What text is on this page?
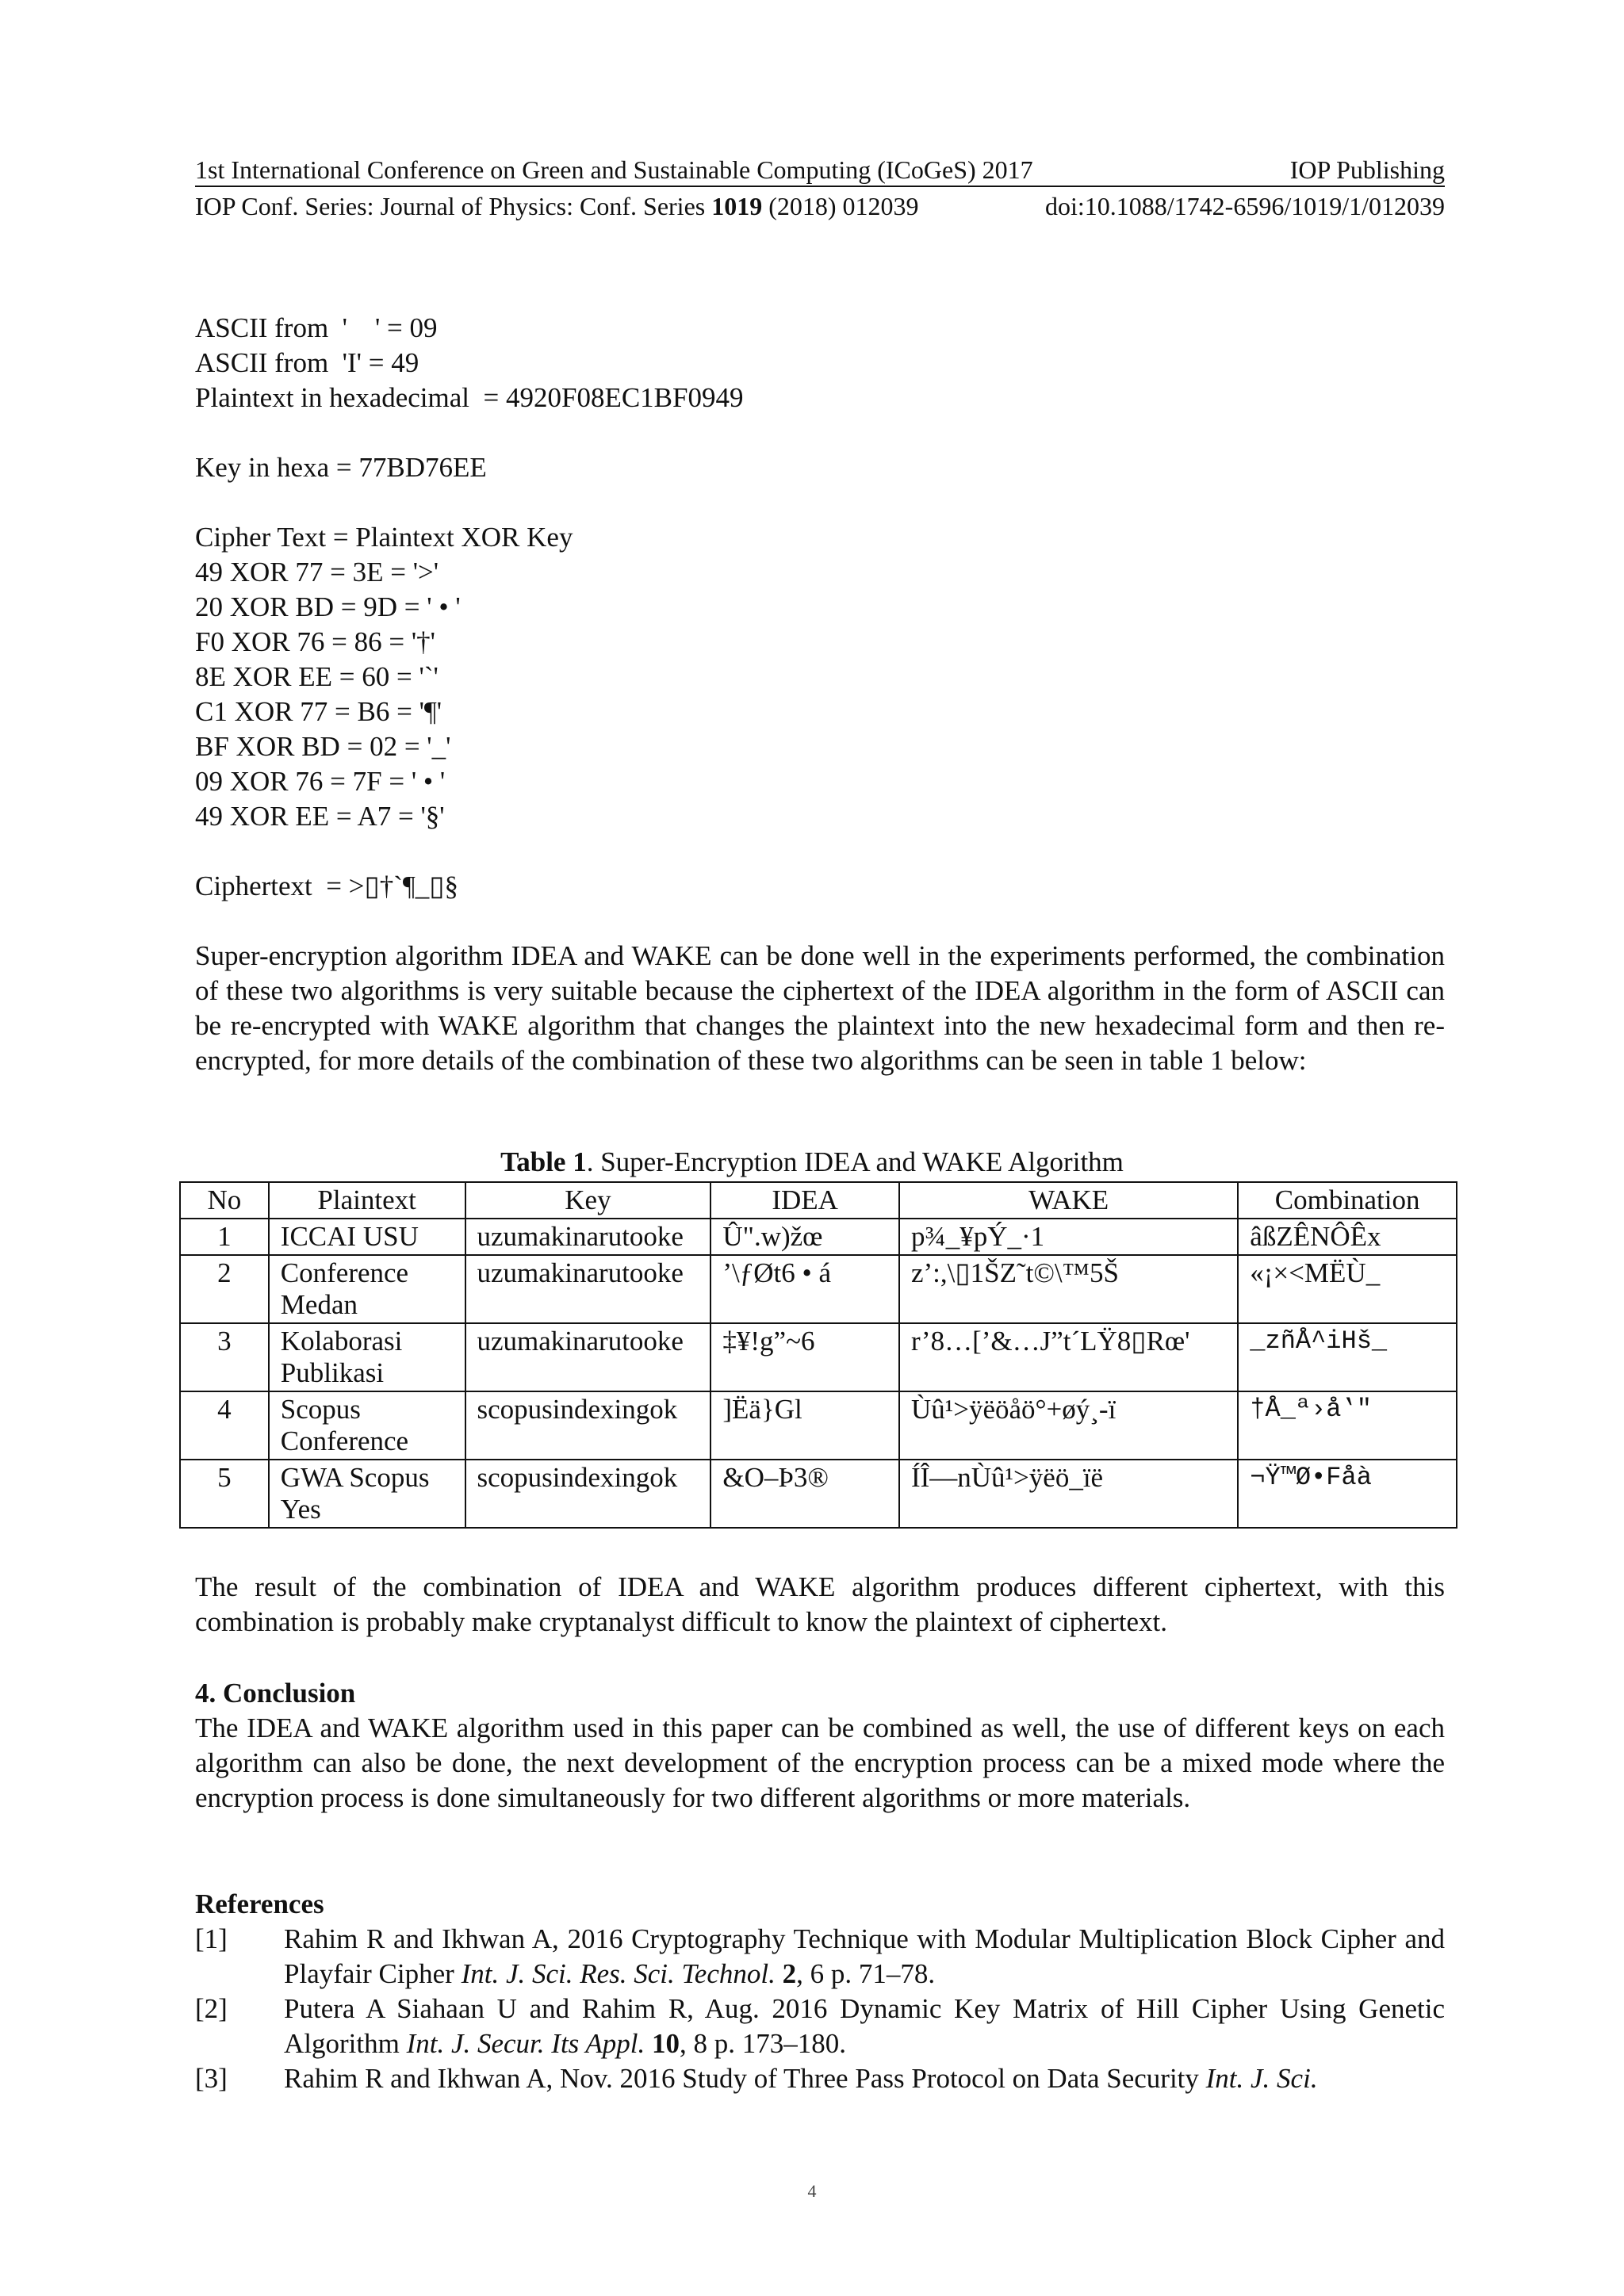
1st International Conference on Green and Sustainable Computing (ICoGeS) 2017	IOP Publishing
IOP Conf. Series: Journal of Physics: Conf. Series 1019 (2018) 012039	doi:10.1088/1742-6596/1019/1/012039
ASCII from  '    ' = 09
ASCII from  'I' = 49
Plaintext in hexadecimal  = 4920F08EC1BF0949
Key in hexa = 77BD76EE
Cipher Text = Plaintext XOR Key
49 XOR 77 = 3E = '>'
20 XOR BD = 9D = ' • '
F0 XOR 76 = 86 = '†'
8E XOR EE = 60 = '`'
C1 XOR 77 = B6 = '¶'
BF XOR BD = 02 = '_'
09 XOR 76 = 7F = ' • '
49 XOR EE = A7 = '§'
Ciphertext  = >▯†`¶_▯§
Super-encryption algorithm IDEA and WAKE can be done well in the experiments performed, the combination of these two algorithms is very suitable because the ciphertext of the IDEA algorithm in the form of ASCII can be re-encrypted with WAKE algorithm that changes the plaintext into the new hexadecimal form and then re-encrypted, for more details of the combination of these two algorithms can be seen in table 1 below:
Table 1. Super-Encryption IDEA and WAKE Algorithm
No	Plaintext	Key	IDEA	WAKE	Combination
1	ICCAI USU	uzumakinarutooke	Û".w)žœ	p¾_¥pÝ_·1	âßZÊNÔÊx
2	Conference Medan	uzumakinarutooke	’\ƒØt6 • á	z’:,\▯1ŠZ˜t©\™5Š	«¡×<MËÙ_
3	Kolaborasi Publikasi	uzumakinarutooke	‡¥!g”~6	r’8…[’&…J”t´LŸ8▯Rœ'	_zñÅ^iHš_
4	Scopus Conference	scopusindexingok	]Ëä}Gl	Ùû¹>ÿëöåö°+øý¸-ï	†Å_ª›å‛"
5	GWA Scopus Yes	scopusindexingok	&O–Þ3®	ÍÎ—nÙû¹>ÿëö_ïë	¬Ÿ™Ø•Fåà
The result of the combination of IDEA and WAKE algorithm produces different ciphertext, with this combination is probably make cryptanalyst difficult to know the plaintext of ciphertext.
4. Conclusion
The IDEA and WAKE algorithm used in this paper can be combined as well, the use of different keys on each algorithm can also be done, the next development of the encryption process can be a mixed mode where the encryption process is done simultaneously for two different algorithms or more materials.
References
[1]	Rahim R and Ikhwan A, 2016 Cryptography Technique with Modular Multiplication Block Cipher and Playfair Cipher Int. J. Sci. Res. Sci. Technol. 2, 6 p. 71–78.
[2]	Putera A Siahaan U and Rahim R, Aug. 2016 Dynamic Key Matrix of Hill Cipher Using Genetic Algorithm Int. J. Secur. Its Appl. 10, 8 p. 173–180.
[3]	Rahim R and Ikhwan A, Nov. 2016 Study of Three Pass Protocol on Data Security Int. J. Sci.
4
